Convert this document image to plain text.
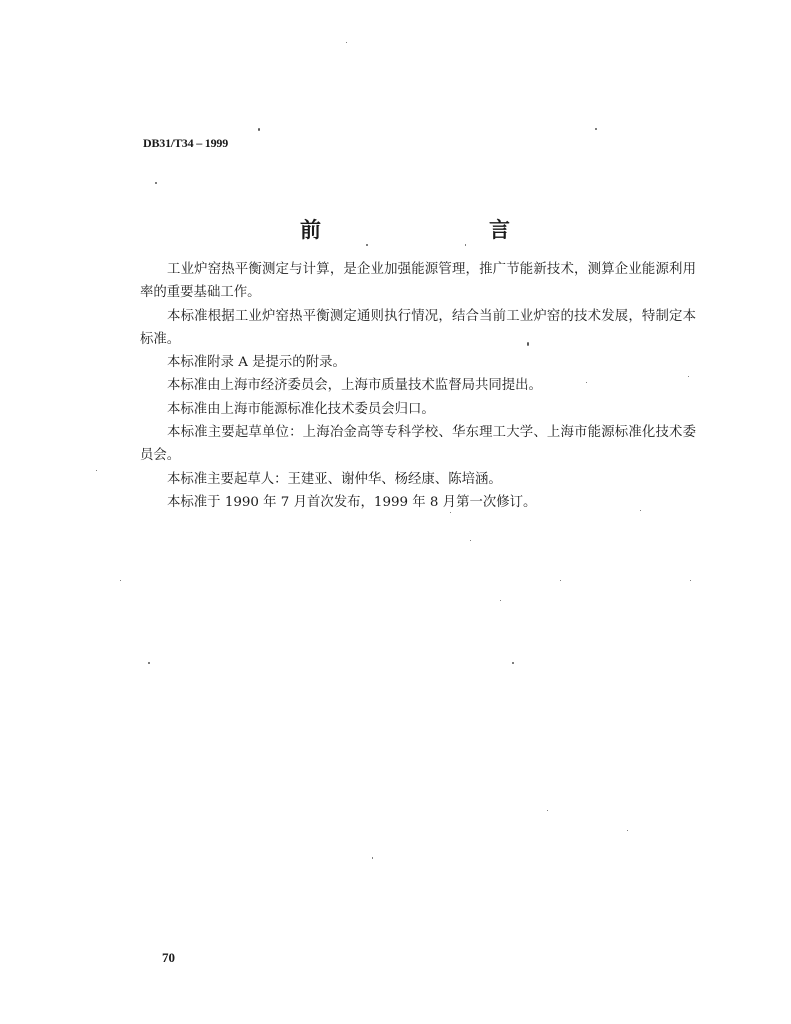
DB31/T34 – 1999
前	言

工业炉窑热平衡测定与计算，是企业加强能源管理，推广节能新技术，测算企业能源利用率的重要基础工作。

本标准根据工业炉窑热平衡测定通则执行情况，结合当前工业炉窑的技术发展，特制定本标准。

本标准附录 A 是提示的附录。

本标准由上海市经济委员会，上海市质量技术监督局共同提出。

本标准由上海市能源标准化技术委员会归口。

本标准主要起草单位：上海冶金高等专科学校、华东理工大学、上海市能源标准化技术委员会。

本标准主要起草人：王建亚、谢仲华、杨经康、陈培涵。

本标准于 1990 年 7 月首次发布，1999 年 8 月第一次修订。

70
